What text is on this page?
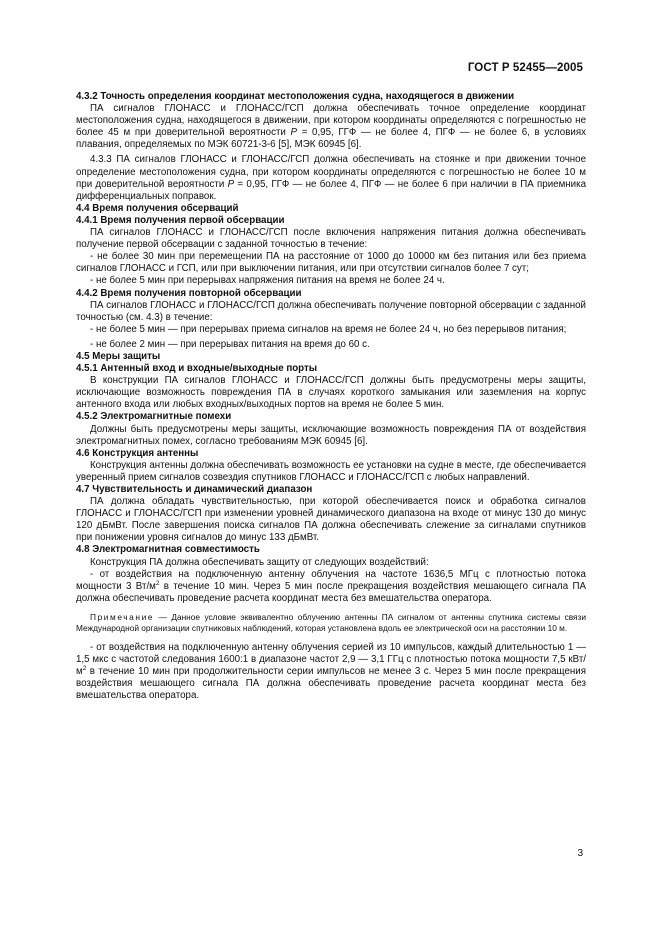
ГОСТ Р 52455—2005

4.3.2 Точность определения координат местоположения судна, находящегося в движении

ПА сигналов ГЛОНАСС и ГЛОНАСС/ГСП должна обеспечивать точное определение координат местоположения судна, находящегося в движении, при котором координаты определяются с погрешностью не более 45 м при доверительной вероятности Р = 0,95, ГГФ — не более 4, ПГФ — не более 6, в условиях плавания, определяемых по МЭК 60721-3-6 [5], МЭК 60945 [6].

4.3.3 ПА сигналов ГЛОНАСС и ГЛОНАСС/ГСП должна обеспечивать на стоянке и при движении точное определение местоположения судна, при котором координаты определяются с погрешностью не более 10 м при доверительной вероятности Р = 0,95, ГГФ — не более 4, ПГФ — не более 6 при наличии в ПА приемника дифференциальных поправок.

4.4 Время получения обсерваций

4.4.1 Время получения первой обсервации

ПА сигналов ГЛОНАСС и ГЛОНАСС/ГСП после включения напряжения питания должна обеспечивать получение первой обсервации с заданной точностью в течение:

- не более 30 мин при перемещении ПА на расстояние от 1000 до 10000 км без питания или без приема сигналов ГЛОНАСС и ГСП, или при выключении питания, или при отсутствии сигналов более 7 сут;

- не более 5 мин при перерывах напряжения питания на время не более 24 ч.

4.4.2 Время получения повторной обсервации

ПА сигналов ГЛОНАСС и ГЛОНАСС/ГСП должна обеспечивать получение повторной обсервации с заданной точностью (см. 4.3) в течение:

- не более 5 мин — при перерывах приема сигналов на время не более 24 ч, но без перерывов питания;

- не более 2 мин — при перерывах питания на время до 60 с.

4.5 Меры защиты

4.5.1 Антенный вход и входные/выходные порты

В конструкции ПА сигналов ГЛОНАСС и ГЛОНАСС/ГСП должны быть предусмотрены меры защиты, исключающие возможность повреждения ПА в случаях короткого замыкания или заземления на корпус антенного входа или любых входных/выходных портов на время не более 5 мин.

4.5.2 Электромагнитные помехи

Должны быть предусмотрены меры защиты, исключающие возможность повреждения ПА от воздействия электромагнитных помех, согласно требованиям МЭК 60945 [6].

4.6 Конструкция антенны

Конструкция антенны должна обеспечивать возможность ее установки на судне в месте, где обеспечивается уверенный прием сигналов созвездия спутников ГЛОНАСС и ГЛОНАСС/ГСП с любых направлений.

4.7 Чувствительность и динамический диапазон

ПА должна обладать чувствительностью, при которой обеспечивается поиск и обработка сигналов ГЛОНАСС и ГЛОНАСС/ГСП при изменении уровней динамического диапазона на входе от минус 130 до минус 120 дБмВт. После завершения поиска сигналов ПА должна обеспечивать слежение за сигналами спутников при понижении уровня сигналов до минус 133 дБмВт.

4.8 Электромагнитная совместимость

Конструкция ПА должна обеспечивать защиту от следующих воздействий:

- от воздействия на подключенную антенну облучения на частоте 1636,5 МГц с плотностью потока мощности 3 $Вт/м^2$ в течение 10 мин. Через 5 мин после прекращения воздействия мешающего сигнала ПА должна обеспечивать проведение расчета координат места без вмешательства оператора.

Примечание — Данное условие эквивалентно облучению антенны ПА сигналом от антенны спутника системы связи Международной организации спутниковых наблюдений, которая установлена вдоль ее электрической оси на расстоянии 10 м.

- от воздействия на подключенную антенну облучения серией из 10 импульсов, каждый длительностью 1 — 1,5 мкс с частотой следования 1600:1 в диапазоне частот 2,9 — 3,1 ГГц с плотностью потока мощности 7,5 кВт/$м^2$ в течение 10 мин при продолжительности серии импульсов не менее 3 с. Через 5 мин после прекращения воздействия мешающего сигнала ПА должна обеспечивать проведение расчета координат места без вмешательства оператора.

3
